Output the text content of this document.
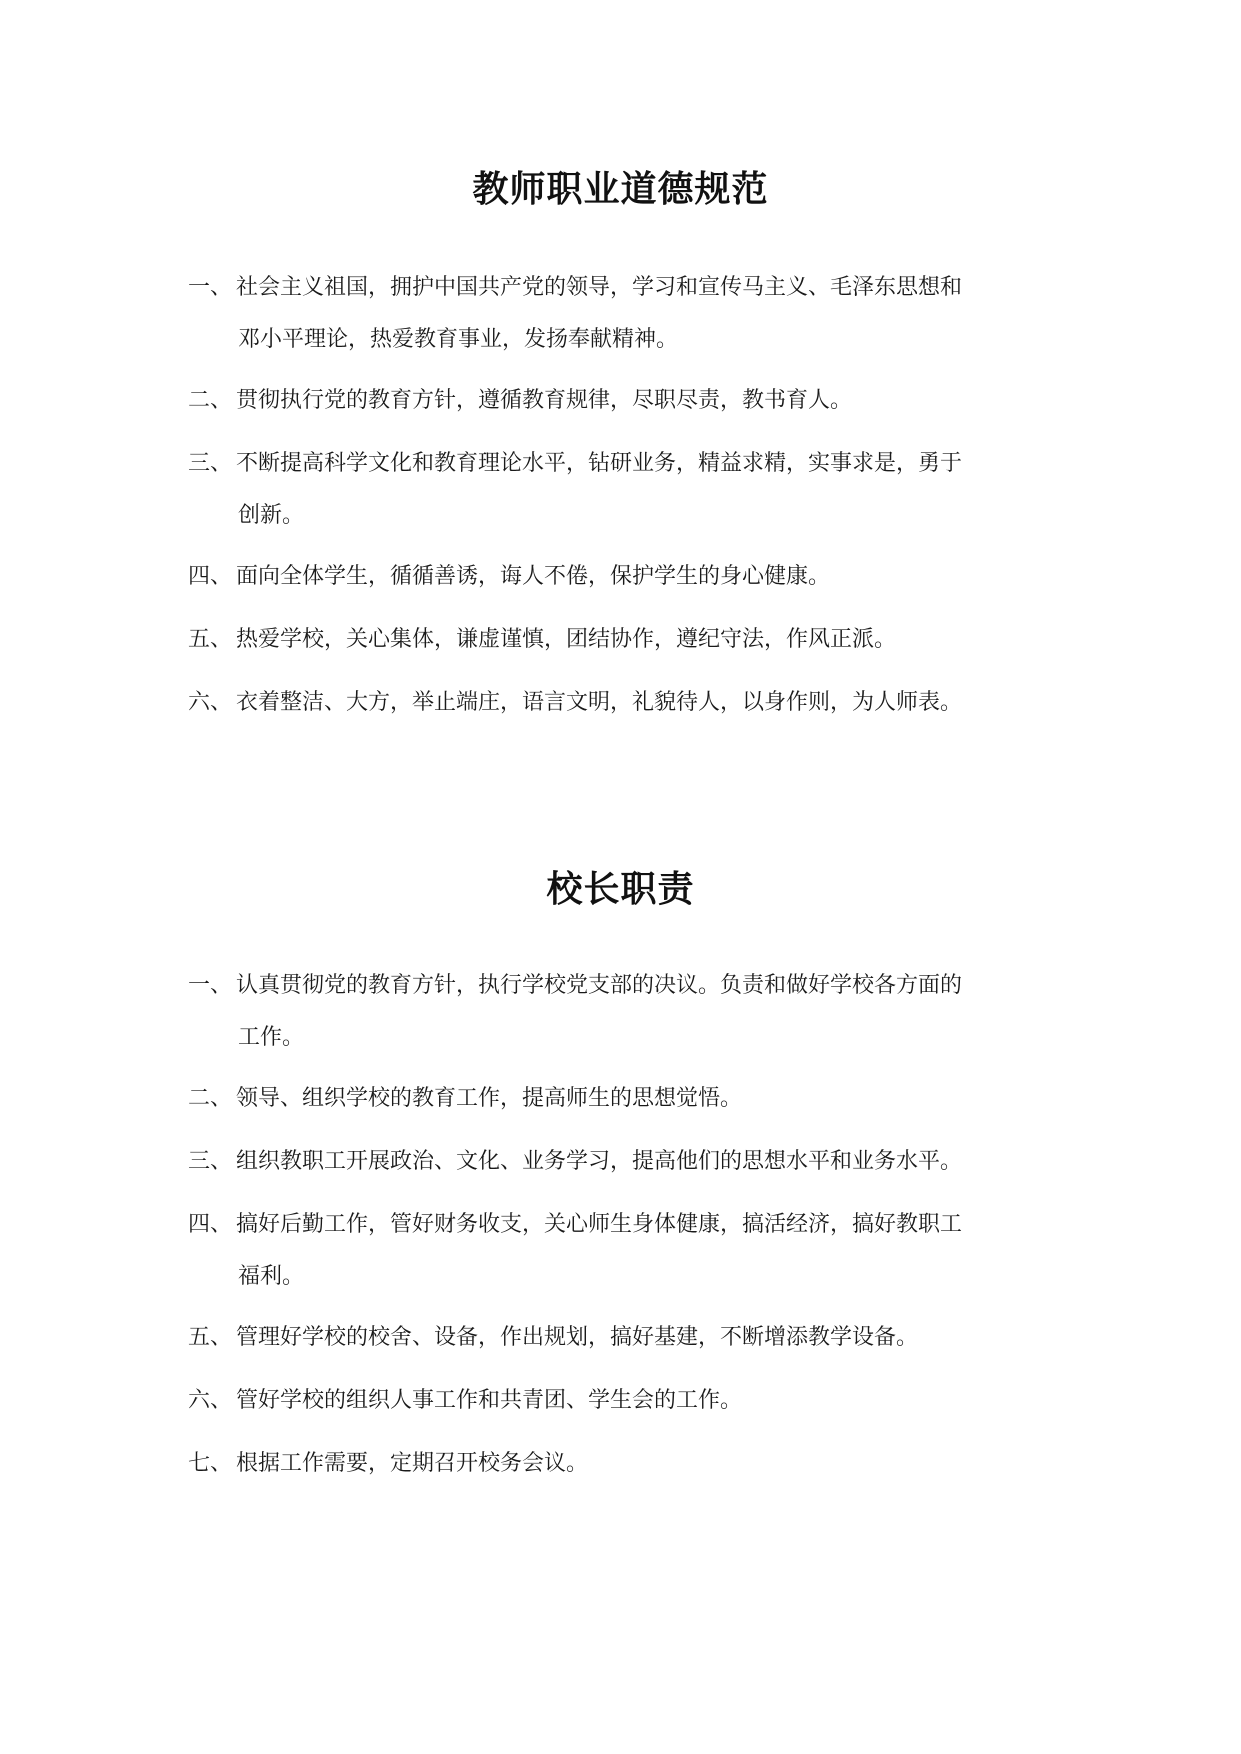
教师职业道德规范

一、 社会主义祖国，拥护中国共产党的领导，学习和宣传马主义、毛泽东思想和
邓小平理论，热爱教育事业，发扬奉献精神。

二、 贯彻执行党的教育方针，遵循教育规律，尽职尽责，教书育人。

三、 不断提高科学文化和教育理论水平，钻研业务，精益求精，实事求是，勇于
创新。

四、 面向全体学生，循循善诱，诲人不倦，保护学生的身心健康。

五、 热爱学校，关心集体，谦虚谨慎，团结协作，遵纪守法，作风正派。

六、 衣着整洁、大方，举止端庄，语言文明，礼貌待人，以身作则，为人师表。

校长职责

一、 认真贯彻党的教育方针，执行学校党支部的决议。负责和做好学校各方面的
工作。

二、 领导、组织学校的教育工作，提高师生的思想觉悟。

三、 组织教职工开展政治、文化、业务学习，提高他们的思想水平和业务水平。

四、 搞好后勤工作，管好财务收支，关心师生身体健康，搞活经济，搞好教职工
福利。

五、 管理好学校的校舍、设备，作出规划，搞好基建，不断增添教学设备。

六、 管好学校的组织人事工作和共青团、学生会的工作。

七、 根据工作需要，定期召开校务会议。
